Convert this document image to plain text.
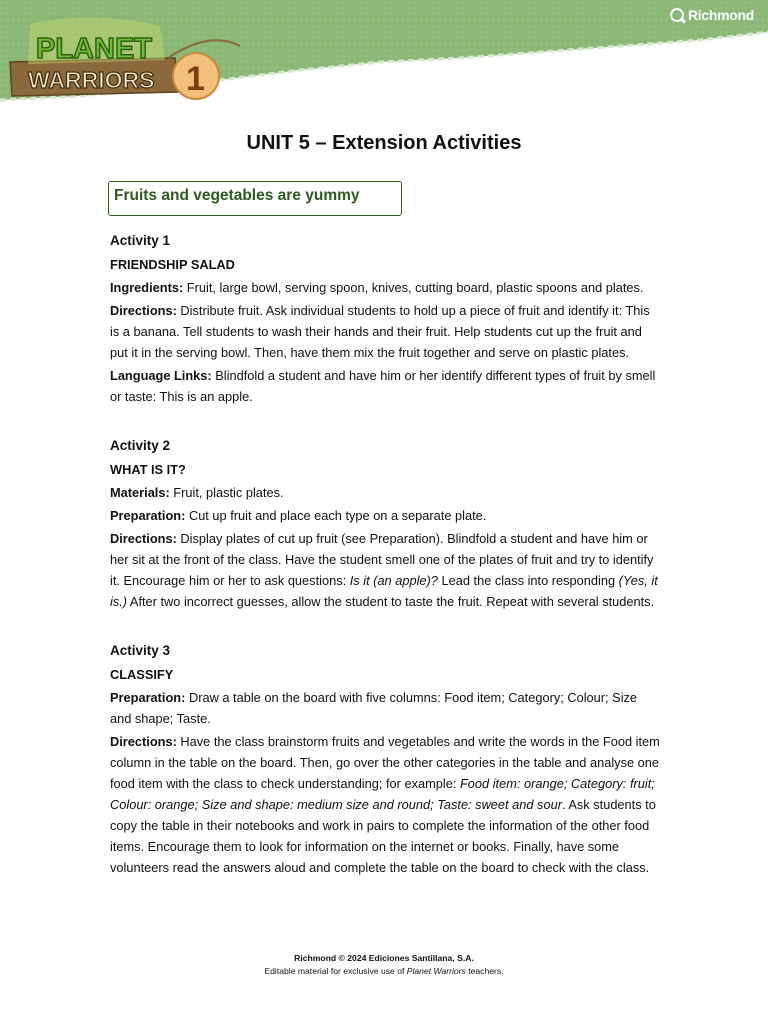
PLANET
WARRIORS 1
Richmond
UNIT 5 – Extension Activities
Fruits and vegetables are yummy
Activity 1
FRIENDSHIP SALAD

Ingredients: Fruit, large bowl, serving spoon, knives, cutting board, plastic spoons and plates.

Directions: Distribute fruit. Ask individual students to hold up a piece of fruit and identify it: This is a banana. Tell students to wash their hands and their fruit. Help students cut up the fruit and put it in the serving bowl. Then, have them mix the fruit together and serve on plastic plates.

Language Links: Blindfold a student and have him or her identify different types of fruit by smell or taste: This is an apple.

Activity 2
WHAT IS IT?

Materials: Fruit, plastic plates.

Preparation: Cut up fruit and place each type on a separate plate.

Directions: Display plates of cut up fruit (see Preparation). Blindfold a student and have him or her sit at the front of the class. Have the student smell one of the plates of fruit and try to identify it. Encourage him or her to ask questions: Is it (an apple)? Lead the class into responding (Yes, it is.) After two incorrect guesses, allow the student to taste the fruit. Repeat with several students.

Activity 3
CLASSIFY

Preparation: Draw a table on the board with five columns: Food item; Category; Colour; Size and shape; Taste.

Directions: Have the class brainstorm fruits and vegetables and write the words in the Food item column in the table on the board. Then, go over the other categories in the table and analyse one food item with the class to check understanding; for example: Food item: orange; Category: fruit; Colour: orange; Size and shape: medium size and round; Taste: sweet and sour. Ask students to copy the table in their notebooks and work in pairs to complete the information of the other food items. Encourage them to look for information on the internet or books. Finally, have some volunteers read the answers aloud and complete the table on the board to check with the class.

Richmond © 2024 Ediciones Santillana, S.A.
Editable material for exclusive use of Planet Warriors teachers.
